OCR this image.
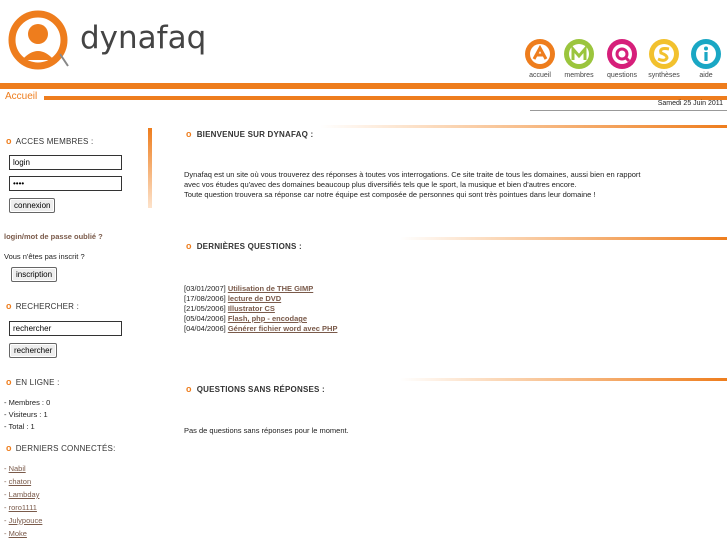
dynafaq
accueil	membres	questions	synthèses	aide
Accueil
Samedi 25 Juin 2011
o ACCES MEMBRES :
login
••••
connexion
login/mot de passe oublié ?
Vous n'êtes pas inscrit ?
inscription
o RECHERCHER :
rechercher
rechercher
o EN LIGNE :
- Membres : 0
- Visiteurs : 1
- Total : 1
o DERNIERS CONNECTÉS:
- Nabil
- chaton
- Lambday
- roro1111
- Julypouce
- Moke
o BIENVENUE SUR DYNAFAQ :
Dynafaq est un site où vous trouverez des réponses à toutes vos interrogations. Ce site traite de tous les domaines, aussi bien en rapport
avec vos études qu'avec des domaines beaucoup plus diversifiés tels que le sport, la musique et bien d'autres encore.
Toute question trouvera sa réponse car notre équipe est composée de personnes qui sont très pointues dans leur domaine !
o DERNIÈRES QUESTIONS :
[03/01/2007] Utilisation de THE GIMP
[17/08/2006] lecture de DVD
[21/05/2006] Illustrator CS
[05/04/2006] Flash, php - encodage
[04/04/2006] Générer fichier word avec PHP
o QUESTIONS SANS RÉPONSES :
Pas de questions sans réponses pour le moment.
